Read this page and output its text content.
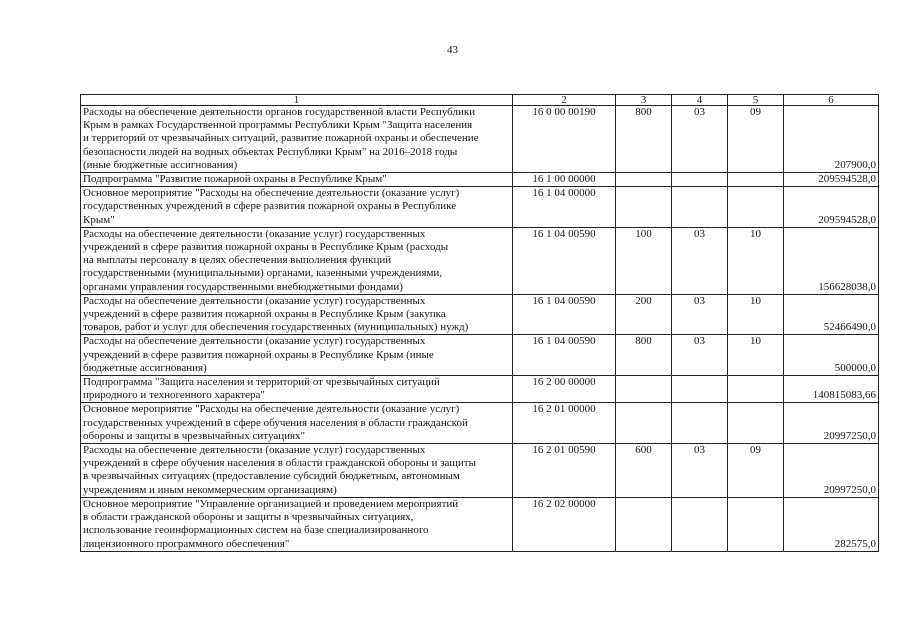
43
1	2	3	4	5	6
Расходы на обеспечение деятельности органов государственной власти Республики
Крым в рамках Государственной программы Республики Крым "Защита населения
и территорий от чрезвычайных ситуаций, развитие пожарной охраны и обеспечение
безопасности людей на водных объектах Республики Крым" на 2016–2018 годы
(иные бюджетные ассигнования)	16 0 00 00190	800	03	09	207900,0
Подпрограмма "Развитие пожарной охраны в Республике Крым"	16 1 00 00000				209594528,0
Основное мероприятие "Расходы на обеспечение деятельности (оказание услуг)
государственных учреждений в сфере развития пожарной охраны в Республике
Крым"	16 1 04 00000				209594528,0
Расходы на обеспечение деятельности (оказание услуг) государственных
учреждений в сфере развития пожарной охраны в Республике Крым (расходы
на выплаты персоналу в целях обеспечения выполнения функций
государственными (муниципальными) органами, казенными учреждениями,
органами управления государственными внебюджетными фондами)	16 1 04 00590	100	03	10	156628038,0
Расходы на обеспечение деятельности (оказание услуг) государственных
учреждений в сфере развития пожарной охраны в Республике Крым (закупка
товаров, работ и услуг для обеспечения государственных (муниципальных) нужд)	16 1 04 00590	200	03	10	52466490,0
Расходы на обеспечение деятельности (оказание услуг) государственных
учреждений в сфере развития пожарной охраны в Республике Крым (иные
бюджетные ассигнования)	16 1 04 00590	800	03	10	500000,0
Подпрограмма "Защита населения и территорий от чрезвычайных ситуаций
природного и техногенного характера"	16 2 00 00000				140815083,66
Основное мероприятие "Расходы на обеспечение деятельности (оказание услуг)
государственных учреждений в сфере обучения населения в области гражданской
обороны и защиты в чрезвычайных ситуациях"	16 2 01 00000				20997250,0
Расходы на обеспечение деятельности (оказание услуг) государственных
учреждений в сфере обучения населения в области гражданской обороны и защиты
в чрезвычайных ситуациях (предоставление субсидий бюджетным, автономным
учреждениям и иным некоммерческим организациям)	16 2 01 00590	600	03	09	20997250,0
Основное мероприятие "Управление организацией и проведением мероприятий
в области гражданской обороны и защиты в чрезвычайных ситуациях,
использование геоинформационных систем на базе специализированного
лицензионного программного обеспечения"	16 2 02 00000				282575,0
